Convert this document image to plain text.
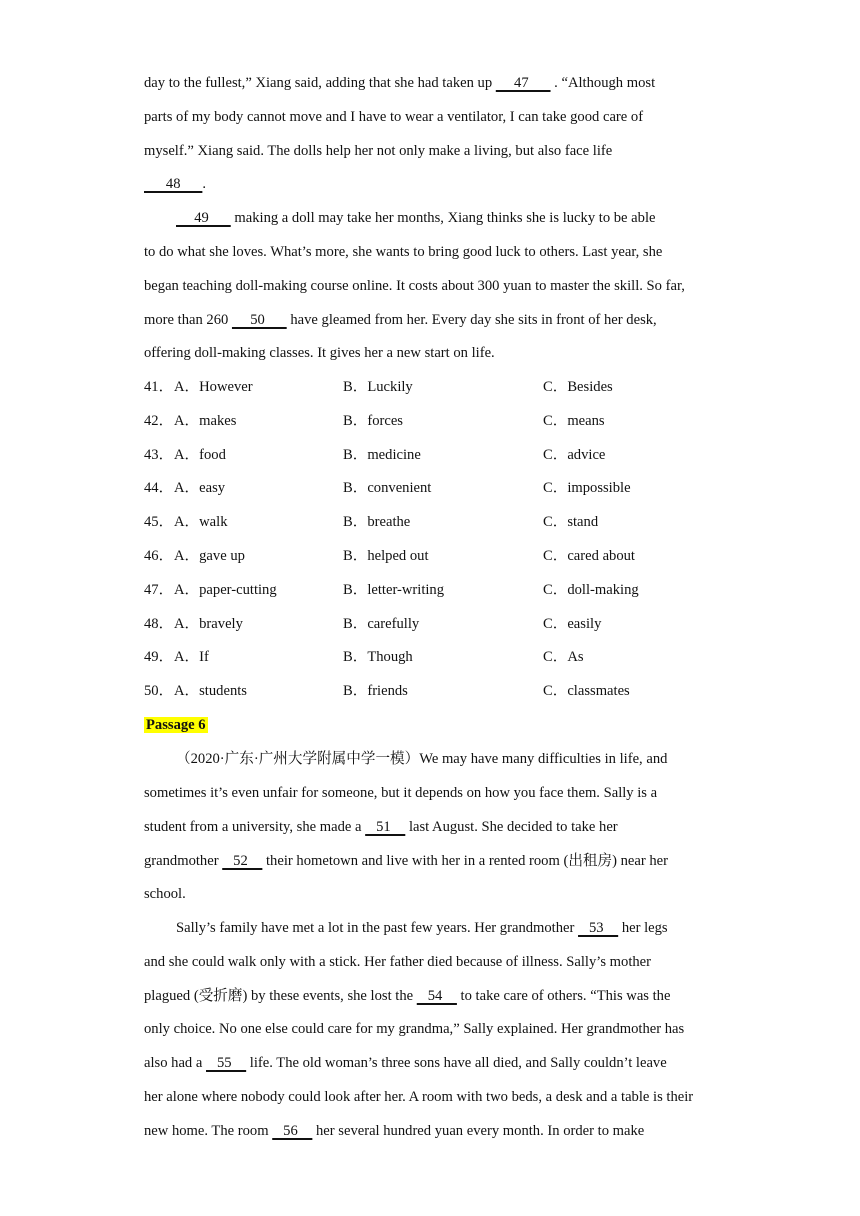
day to the fullest,” Xiang said, adding that she had taken up      47       . “Although most
parts of my body cannot move and I have to wear a ventilator, I can take good care of
myself.” Xiang said. The dolls help her not only make a living, but also face life
48      .
49       making a doll may take her months, Xiang thinks she is lucky to be able
to do what she loves. What’s more, she wants to bring good luck to others. Last year, she
began teaching doll-making course online. It costs about 300 yuan to master the skill. So far,
more than 260      50       have gleamed from her. Every day she sits in front of her desk,
offering doll-making classes. It gives her a new start on life.
41． A．However	B．Luckily	C．Besides
42． A．makes	B．forces	C．means
43． A．food	B．medicine	C．advice
44． A．easy	B．convenient	C．impossible
45． A．walk	B．breathe	C．stand
46． A．gave up	B．helped out	C．cared about
47． A．paper-cutting	B．letter-writing	C．doll-making
48． A．bravely	B．carefully	C．easily
49． A．If	B．Though	C．As
50． A．students	B．friends	C．classmates
Passage 6
（2020·广东·广州大学附属中学一模）We may have many difficulties in life, and
sometimes it’s even unfair for someone, but it depends on how you face them. Sally is a
student from a university, she made a    51     last August. She decided to take her
grandmother    52     their hometown and live with her in a rented room (出租房) near her
school.
Sally’s family have met a lot in the past few years. Her grandmother    53     her legs
and she could walk only with a stick. Her father died because of illness. Sally’s mother
plagued (受折磨) by these events, she lost the    54     to take care of others. “This was the
only choice. No one else could care for my grandma,” Sally explained. Her grandmother has
also had a    55     life. The old woman’s three sons have all died, and Sally couldn’t leave
her alone where nobody could look after her. A room with two beds, a desk and a table is their
new home. The room    56     her several hundred yuan every month. In order to make
